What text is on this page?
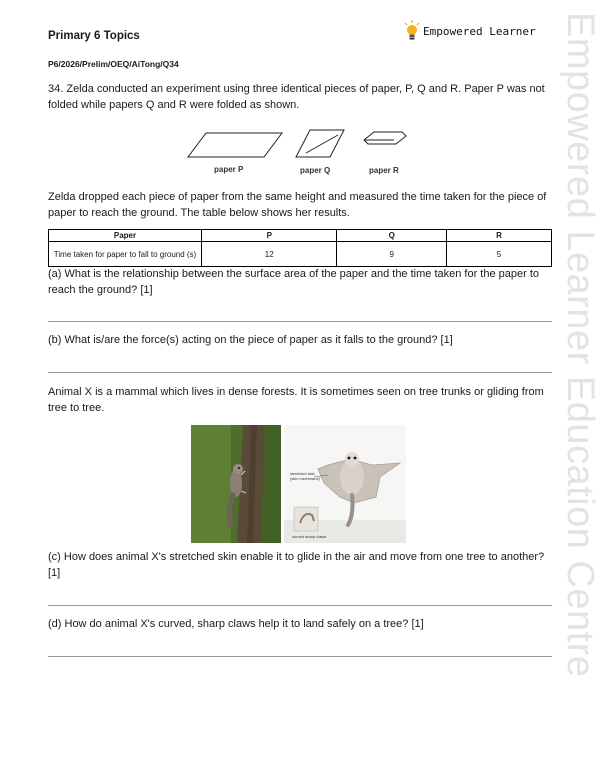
Empowered Learner Education Centre
Primary 6 Topics	Empowered Learner
P6/2026/Prelim/OEQ/AiTong/Q34
34. Zelda conducted an experiment using three identical pieces of paper, P, Q and R. Paper P was not folded while papers Q and R were folded as shown.
paper P	paper Q	paper R
Zelda dropped each piece of paper from the same height and measured the time taken for the piece of paper to reach the ground. The table below shows her results.
Paper	P	Q	R
Time taken for paper to fall to ground (s)	12	9	5
(a) What is the relationship between the surface area of the paper and the time taken for the paper to reach the ground? [1]
(b) What is/are the force(s) acting on the piece of paper as it falls to the ground? [1]
Animal X is a mammal which lives in dense forests. It is sometimes seen on tree trunks or gliding from tree to tree.
stretched skin
(skin membrane)
curved sharp claws
(c) How does animal X's stretched skin enable it to glide in the air and move from one tree to another? [1]
(d) How do animal X's curved, sharp claws help it to land safely on a tree? [1]
